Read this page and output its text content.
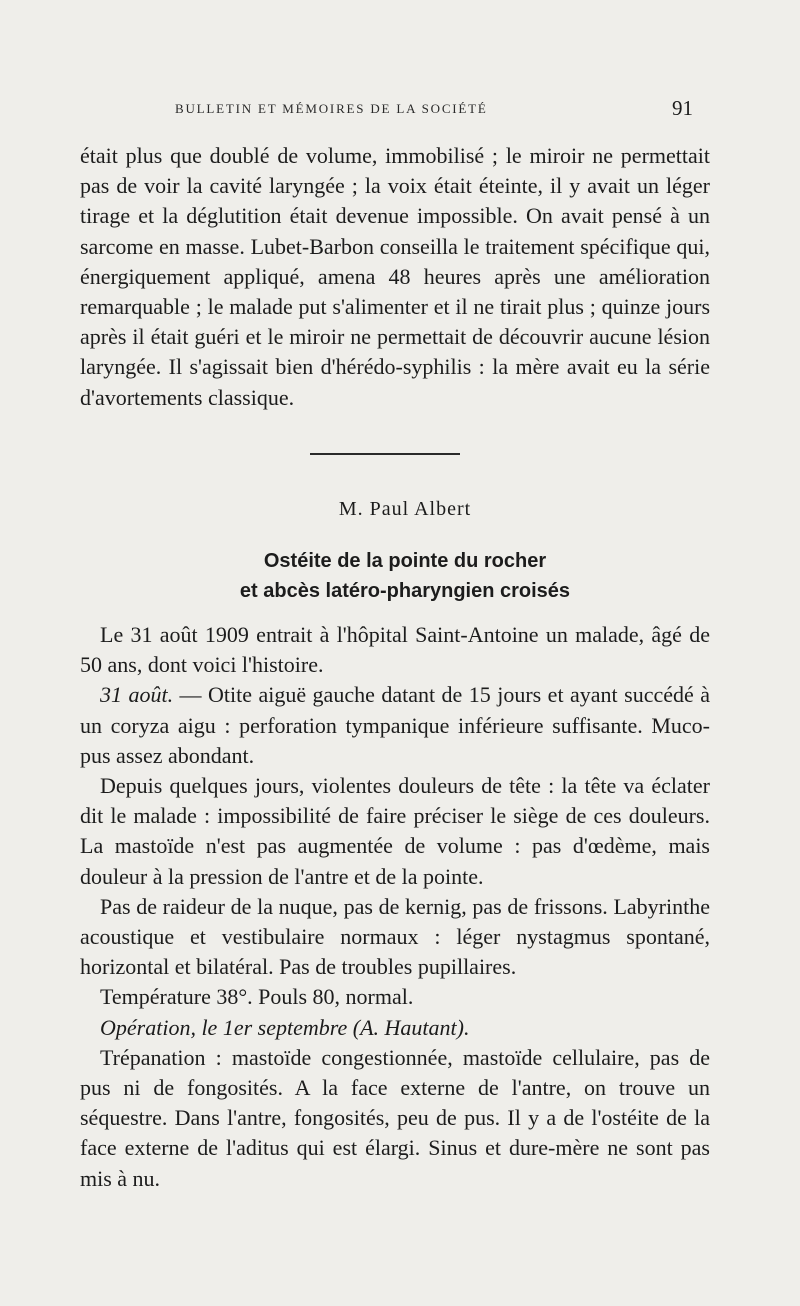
BULLETIN ET MÉMOIRES DE LA SOCIÉTÉ	91

était plus que doublé de volume, immobilisé ; le miroir ne permettait pas de voir la cavité laryngée ; la voix était éteinte, il y avait un léger tirage et la déglutition était devenue impossible. On avait pensé à un sarcome en masse. Lubet-Barbon conseilla le traitement spécifique qui, énergiquement appliqué, amena 48 heures après une amélioration remarquable ; le malade put s'alimenter et il ne tirait plus ; quinze jours après il était guéri et le miroir ne permettait de découvrir aucune lésion laryngée. Il s'agissait bien d'hérédo-syphilis : la mère avait eu la série d'avortements classique.

M. Paul Albert
Ostéite de la pointe du rocher
et abcès latéro-pharyngien croisés

Le 31 août 1909 entrait à l'hôpital Saint-Antoine un malade, âgé de 50 ans, dont voici l'histoire.

31 août. — Otite aiguë gauche datant de 15 jours et ayant succédé à un coryza aigu : perforation tympanique inférieure suffisante. Muco-pus assez abondant.

Depuis quelques jours, violentes douleurs de tête : la tête va éclater dit le malade : impossibilité de faire préciser le siège de ces douleurs. La mastoïde n'est pas augmentée de volume : pas d'œdème, mais douleur à la pression de l'antre et de la pointe.

Pas de raideur de la nuque, pas de kernig, pas de frissons. Labyrinthe acoustique et vestibulaire normaux : léger nystagmus spontané, horizontal et bilatéral. Pas de troubles pupillaires.

Température 38°. Pouls 80, normal.

Opération, le 1er septembre (A. Hautant).

Trépanation : mastoïde congestionnée, mastoïde cellulaire, pas de pus ni de fongosités. A la face externe de l'antre, on trouve un séquestre. Dans l'antre, fongosités, peu de pus. Il y a de l'ostéite de la face externe de l'aditus qui est élargi. Sinus et dure-mère ne sont pas mis à nu.
